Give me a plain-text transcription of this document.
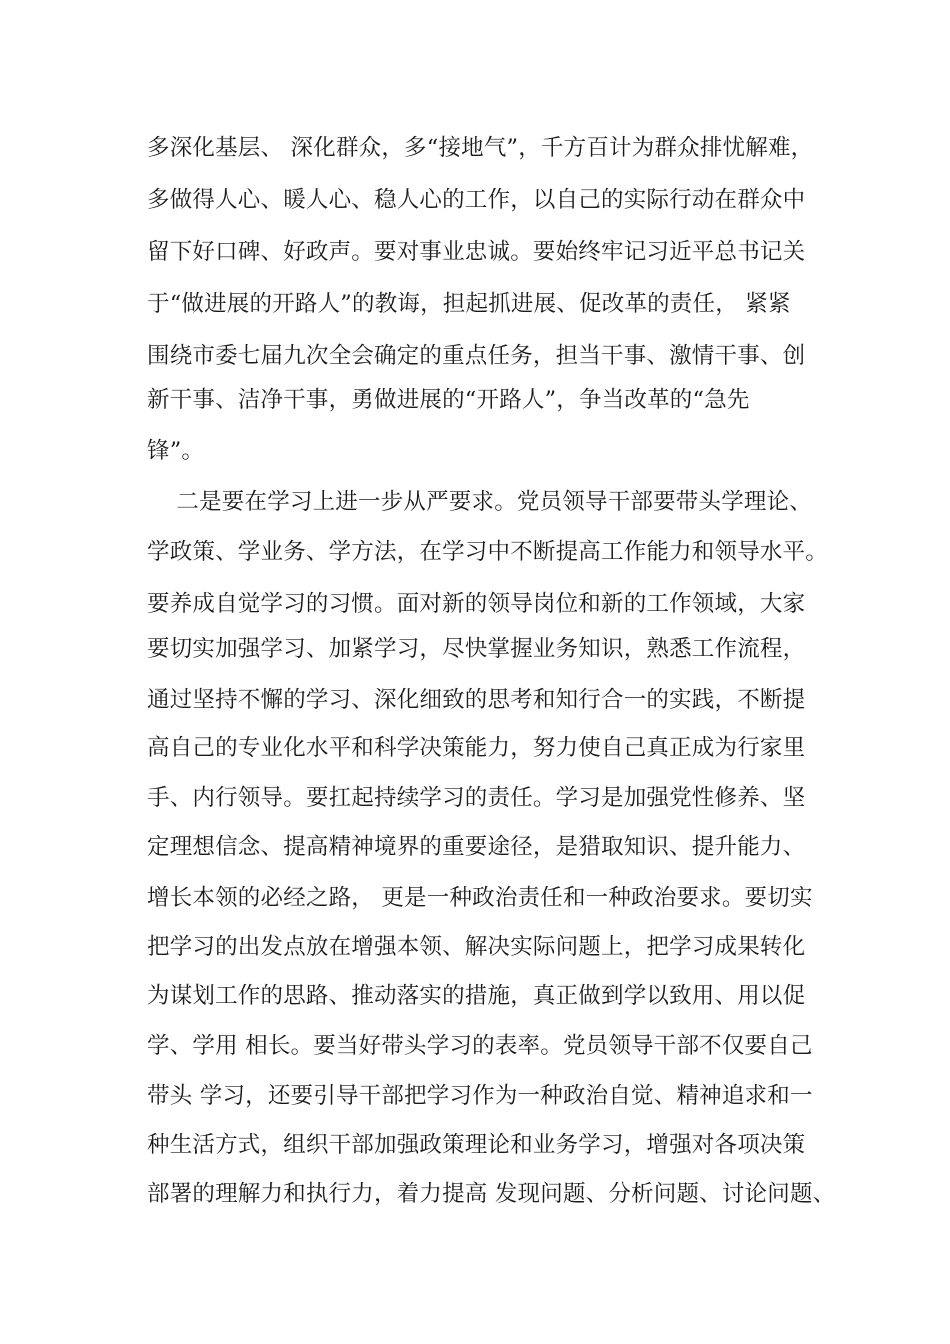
多深化基层、 深化群众，多“接地气”，千方百计为群众排忧解难，
多做得人心、暖人心、稳人心的工作，以自己的实际行动在群众中
留下好口碑、好政声。要对事业忠诚。要始终牢记习近平总书记关
于“做进展的开路人”的教诲，担起抓进展、促改革的责任， 紧紧
围绕市委七届九次全会确定的重点任务，担当干事、激情干事、创
新干事、洁净干事，勇做进展的“开路人”，争当改革的“急先
锋”。
二是要在学习上进一步从严要求。党员领导干部要带头学理论、
学政策、学业务、学方法，在学习中不断提高工作能力和领导水平。
要养成自觉学习的习惯。面对新的领导岗位和新的工作领域，大家
要切实加强学习、加紧学习，尽快掌握业务知识，熟悉工作流程，
通过坚持不懈的学习、深化细致的思考和知行合一的实践，不断提
高自己的专业化水平和科学决策能力，努力使自己真正成为行家里
手、内行领导。要扛起持续学习的责任。学习是加强党性修养、坚
定理想信念、提高精神境界的重要途径，是猎取知识、提升能力、
增长本领的必经之路， 更是一种政治责任和一种政治要求。要切实
把学习的出发点放在增强本领、解决实际问题上，把学习成果转化
为谋划工作的思路、推动落实的措施，真正做到学以致用、用以促
学、学用 相长。要当好带头学习的表率。党员领导干部不仅要自己
带头 学习，还要引导干部把学习作为一种政治自觉、精神追求和一
种生活方式，组织干部加强政策理论和业务学习，增强对各项决策
部署的理解力和执行力，着力提高 发现问题、分析问题、讨论问题、
